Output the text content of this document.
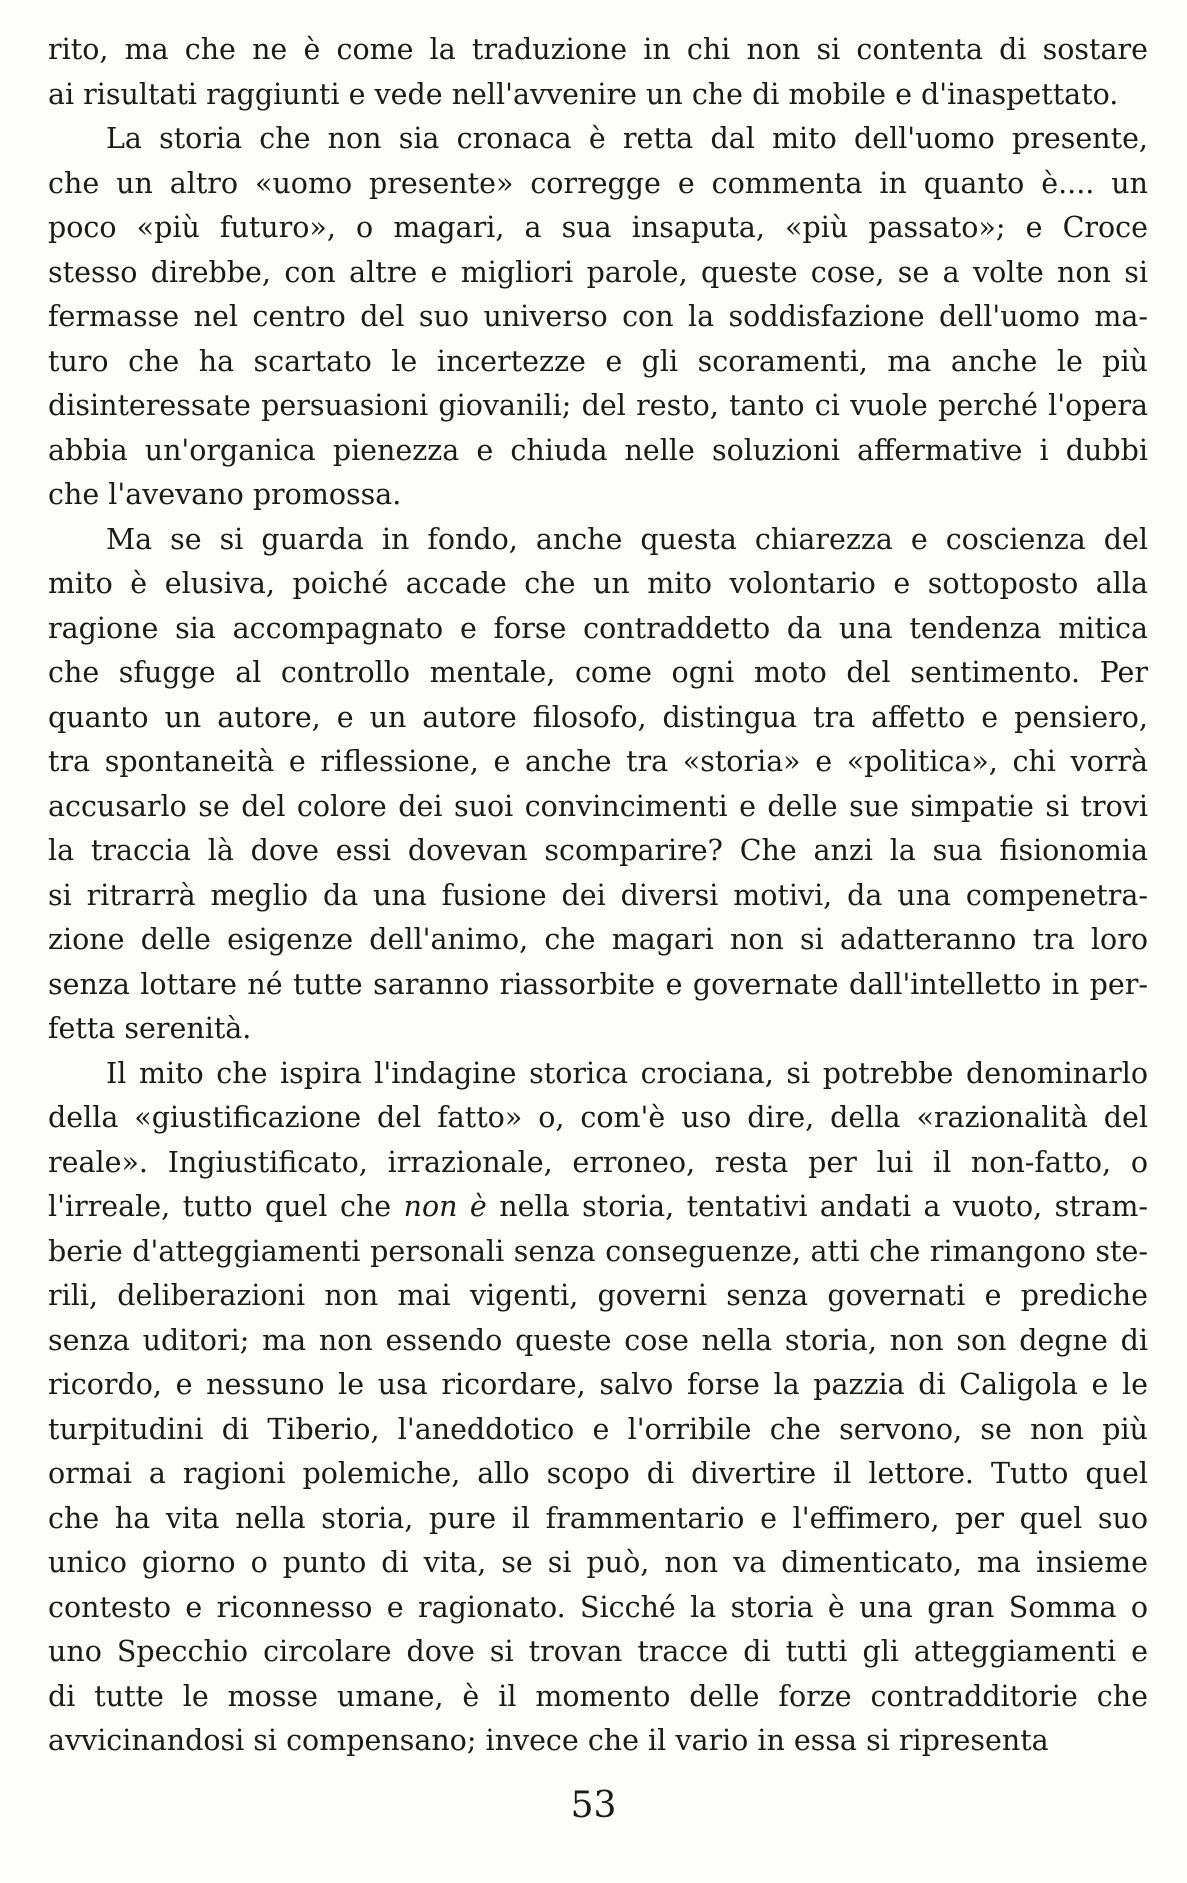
rito, ma che ne è come la traduzione in chi non si contenta di sostare
ai risultati raggiunti e vede nell'avvenire un che di mobile e d'inaspettato.
La storia che non sia cronaca è retta dal mito dell'uomo presente,
che un altro «uomo presente» corregge e commenta in quanto è.... un
poco «più futuro», o magari, a sua insaputa, «più passato»; e Croce
stesso direbbe, con altre e migliori parole, queste cose, se a volte non si
fermasse nel centro del suo universo con la soddisfazione dell'uomo ma-
turo che ha scartato le incertezze e gli scoramenti, ma anche le più
disinteressate persuasioni giovanili; del resto, tanto ci vuole perché l'opera
abbia un'organica pienezza e chiuda nelle soluzioni affermative i dubbi
che l'avevano promossa.
Ma se si guarda in fondo, anche questa chiarezza e coscienza del
mito è elusiva, poiché accade che un mito volontario e sottoposto alla
ragione sia accompagnato e forse contraddetto da una tendenza mitica
che sfugge al controllo mentale, come ogni moto del sentimento. Per
quanto un autore, e un autore filosofo, distingua tra affetto e pensiero,
tra spontaneità e riflessione, e anche tra «storia» e «politica», chi vorrà
accusarlo se del colore dei suoi convincimenti e delle sue simpatie si trovi
la traccia là dove essi dovevan scomparire? Che anzi la sua fisionomia
si ritrarrà meglio da una fusione dei diversi motivi, da una compenetra-
zione delle esigenze dell'animo, che magari non si adatteranno tra loro
senza lottare né tutte saranno riassorbite e governate dall'intelletto in per-
fetta serenità.
Il mito che ispira l'indagine storica crociana, si potrebbe denominarlo
della «giustificazione del fatto» o, com'è uso dire, della «razionalità del
reale». Ingiustificato, irrazionale, erroneo, resta per lui il non-fatto, o
l'irreale, tutto quel che non è nella storia, tentativi andati a vuoto, stram-
berie d'atteggiamenti personali senza conseguenze, atti che rimangono ste-
rili, deliberazioni non mai vigenti, governi senza governati e prediche
senza uditori; ma non essendo queste cose nella storia, non son degne di
ricordo, e nessuno le usa ricordare, salvo forse la pazzia di Caligola e le
turpitudini di Tiberio, l'aneddotico e l'orribile che servono, se non più
ormai a ragioni polemiche, allo scopo di divertire il lettore. Tutto quel
che ha vita nella storia, pure il frammentario e l'effimero, per quel suo
unico giorno o punto di vita, se si può, non va dimenticato, ma insieme
contesto e riconnesso e ragionato. Sicché la storia è una gran Somma o
uno Specchio circolare dove si trovan tracce di tutti gli atteggiamenti e
di tutte le mosse umane, è il momento delle forze contradditorie che
avvicinandosi si compensano; invece che il vario in essa si ripresenta
53
